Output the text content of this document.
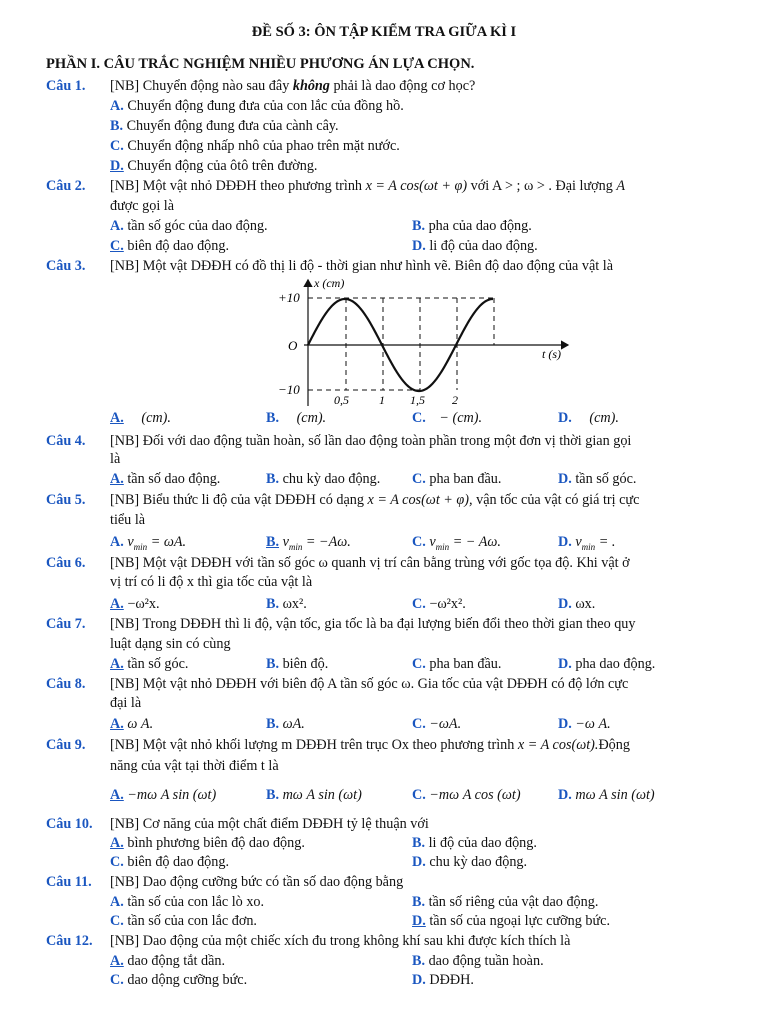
ĐỀ SỐ 3: ÔN TẬP KIỂM TRA GIỮA KÌ I
PHẦN I. CÂU TRẮC NGHIỆM NHIỀU PHƯƠNG ÁN LỰA CHỌN.
Câu 1. [NB] Chuyển động nào sau đây không phải là dao động cơ học?
A. Chuyển động đung đưa của con lắc của đồng hồ.
B. Chuyển động đung đưa của cành cây.
C. Chuyển động nhấp nhô của phao trên mặt nước.
D. Chuyển động của ôtô trên đường.
Câu 2. [NB] Một vật nhỏ DĐĐH theo phương trình x = A cos(ωt + φ) với A > ; ω > . Đại lượng A
được gọi là
A. tần số góc của dao động.	B. pha của dao động.
C. biên độ dao động.	D. li độ của dao động.
Câu 3. [NB] Một vật DĐĐH có đồ thị li độ - thời gian như hình vẽ. Biên độ dao động của vật là
x (cm)
t (s)
O
+10
−10
0,5	1 1,5 2
A. (cm).	B. (cm).	C. − (cm).	D. (cm).
Câu 4. [NB] Đối với dao động tuần hoàn, số lần dao động toàn phần trong một đơn vị thời gian gọi
là
A. tần số dao động.	B. chu kỳ dao động. C. pha ban đầu.	D. tần số góc.
Câu 5. [NB] Biểu thức li độ của vật DĐĐH có dạng x = A cos(ωt + φ), vận tốc của vật có giá trị cực
tiểu là
A. $v_{min} = \omega A$.	B. $v_{min} = -A\omega$.	C. $v_{min}$ = − Aω.	D. $v_{min}$ = .
Câu 6. [NB] Một vật DĐĐH với tần số góc ω quanh vị trí cân bằng trùng với gốc tọa độ. Khi vật ở
vị trí có li độ x thì gia tốc của vật là
A. −ω²x.	B. ωx².	C. −ω²x².	D. ωx.
Câu 7. [NB] Trong DĐĐH thì li độ, vận tốc, gia tốc là ba đại lượng biến đổi theo thời gian theo quy
luật dạng sin có cùng
A. tần số góc.	B. biên độ.	C. pha ban đầu.	D. pha dao động.
Câu 8. [NB] Một vật nhỏ DĐĐH với biên độ A tần số góc ω. Gia tốc của vật DĐĐH có độ lớn cực
đại là
A. ω A.	B. ωA.	C. −ωA.	D. −ω A.
Câu 9. [NB] Một vật nhỏ khối lượng m DĐĐH trên trục Ox theo phương trình x = A cos(ωt).Động
năng của vật tại thời điểm t là
A. −mω A sin (ωt)	B. mω A sin (ωt)	C. −mω A cos (ωt)	D. mω A sin (ωt)
Câu 10. [NB] Cơ năng của một chất điểm DĐĐH tỷ lệ thuận với
A. bình phương biên độ dao động.	B. li độ của dao động.
C. biên độ dao động.	D. chu kỳ dao động.
Câu 11. [NB] Dao động cưỡng bức có tần số dao động bằng
A. tần số của con lắc lò xo.	B. tần số riêng của vật dao động.
C. tần số của con lắc đơn.	D. tần số của ngoại lực cưỡng bức.
Câu 12. [NB] Dao động của một chiếc xích đu trong không khí sau khi được kích thích là
A. dao động tắt dần.	B. dao động tuần hoàn.
C. dao dộng cưỡng bức.	D. DĐĐH.
